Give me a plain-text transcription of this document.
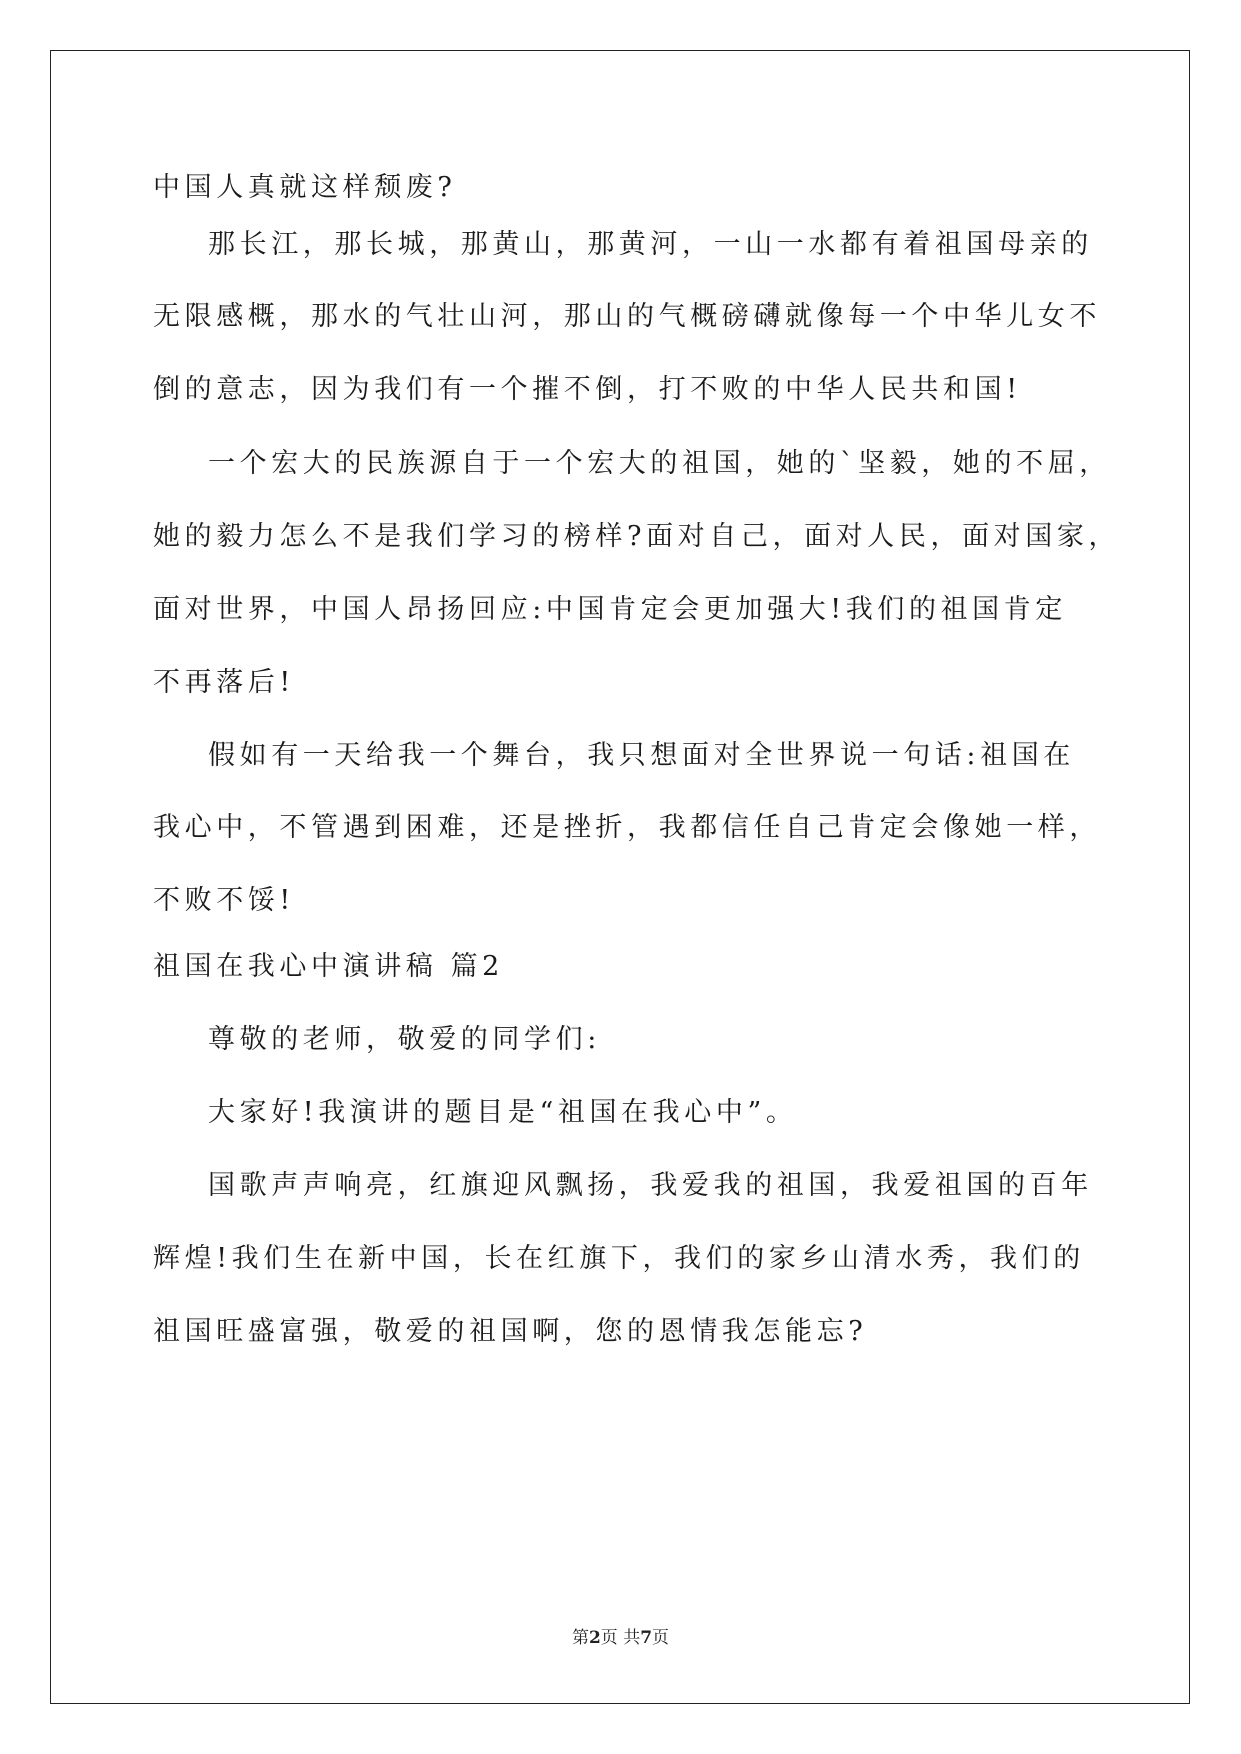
中国人真就这样颓废?
那长江，那长城，那黄山，那黄河，一山一水都有着祖国母亲的
无限感概，那水的气壮山河，那山的气概磅礴就像每一个中华儿女不
倒的意志，因为我们有一个摧不倒，打不败的中华人民共和国!
一个宏大的民族源自于一个宏大的祖国，她的`坚毅，她的不屈，
她的毅力怎么不是我们学习的榜样?面对自己，面对人民，面对国家，
面对世界，中国人昂扬回应:中国肯定会更加强大!我们的祖国肯定
不再落后!
假如有一天给我一个舞台，我只想面对全世界说一句话:祖国在
我心中，不管遇到困难，还是挫折，我都信任自己肯定会像她一样，
不败不馁!
祖国在我心中演讲稿 篇2
尊敬的老师，敬爱的同学们:
大家好!我演讲的题目是“祖国在我心中”。
国歌声声响亮，红旗迎风飘扬，我爱我的祖国，我爱祖国的百年
辉煌!我们生在新中国，长在红旗下，我们的家乡山清水秀，我们的
祖国旺盛富强，敬爱的祖国啊，您的恩情我怎能忘?
第2页 共7页
